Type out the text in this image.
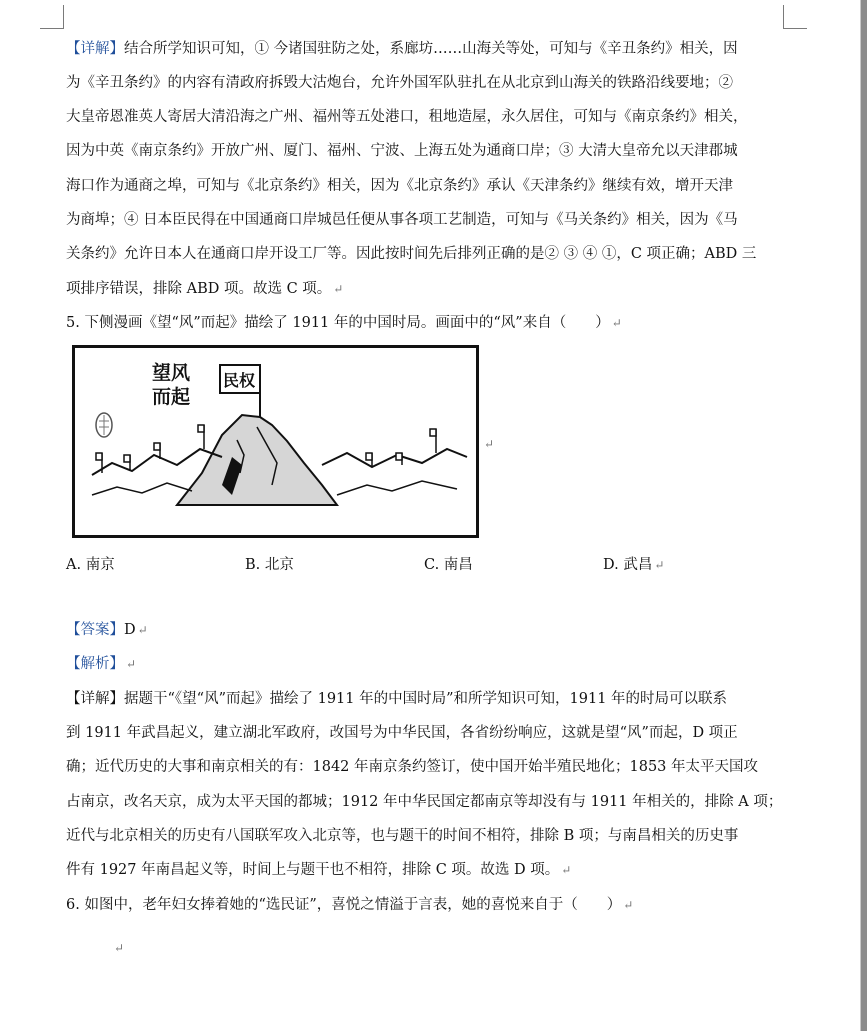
【详解】结合所学知识可知，① 今诸国驻防之处，系廊坊……山海关等处，可知与《辛丑条约》相关，因
为《辛丑条约》的内容有清政府拆毁大沽炮台，允许外国军队驻扎在从北京到山海关的铁路沿线要地；②
大皇帝恩准英人寄居大清沿海之广州、福州等五处港口，租地造屋，永久居住，可知与《南京条约》相关，
因为中英《南京条约》开放广州、厦门、福州、宁波、上海五处为通商口岸；③ 大清大皇帝允以天津郡城
海口作为通商之埠，可知与《北京条约》相关，因为《北京条约》承认《天津条约》继续有效，增开天津
为商埠；④ 日本臣民得在中国通商口岸城邑任便从事各项工艺制造，可知与《马关条约》相关，因为《马
关条约》允许日本人在通商口岸开设工厂等。因此按时间先后排列正确的是② ③ ④ ①，C 项正确；ABD 三
项排序错误，排除 ABD 项。故选 C 项。 ↵
5. 下侧漫画《望“风”而起》描绘了 1911 年的中国时局。画面中的“风”来自（　　） ↵
【答案】D ↵
【解析】 ↵
【详解】据题干“《望“风”而起》描绘了 1911 年的中国时局”和所学知识可知，1911 年的时局可以联系
到 1911 年武昌起义，建立湖北军政府，改国号为中华民国，各省纷纷响应，这就是望“风”而起，D 项正
确；近代历史的大事和南京相关的有：1842 年南京条约签订，使中国开始半殖民地化；1853 年太平天国攻
占南京，改名天京，成为太平天国的都城；1912 年中华民国定都南京等却没有与 1911 年相关的，排除 A 项；
近代与北京相关的历史有八国联军攻入北京等，也与题干的时间不相符，排除 B 项；与南昌相关的历史事
件有 1927 年南昌起义等，时间上与题干也不相符，排除 C 项。故选 D 项。 ↵
6. 如图中，老年妇女捧着她的“选民证”，喜悦之情溢于言表，她的喜悦来自于（　　） ↵
↵
望风
而起
民权
↵
A. 南京	B. 北京	C. 南昌	D. 武昌 ↵
